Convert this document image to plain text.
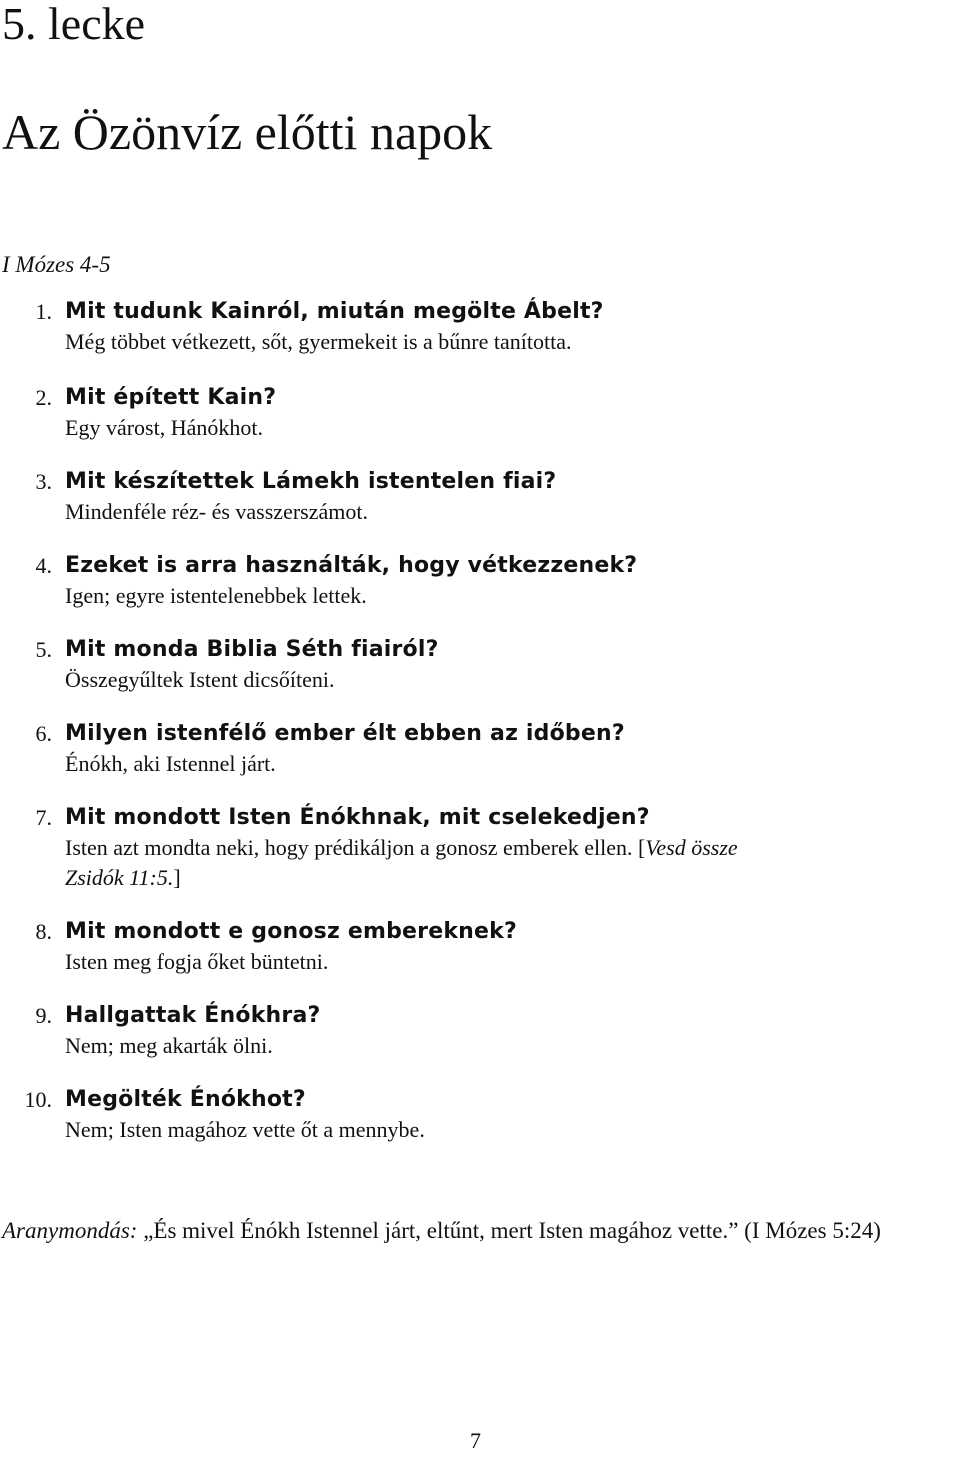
5. lecke
Az Özönvíz előtti napok
I Mózes 4-5
1. Mit tudunk Kainról, miután megölte Ábelt?
Még többet vétkezett, sőt, gyermekeit is a bűnre tanította.
2. Mit épített Kain?
Egy várost, Hánókhot.
3. Mit készítettek Lámekh istentelen fiai?
Mindenféle réz- és vasszerszámot.
4. Ezeket is arra használták, hogy vétkezzenek?
Igen; egyre istentelenebbek lettek.
5. Mit monda Biblia Séth fiairól?
Összegyűltek Istent dicsőíteni.
6. Milyen istenfélő ember élt ebben az időben?
Énókh, aki Istennel járt.
7. Mit mondott Isten Énókhnak, mit cselekedjen?
Isten azt mondta neki, hogy prédikáljon a gonosz emberek ellen. [Vesd össze
Zsidók 11:5.]
8. Mit mondott e gonosz embereknek?
Isten meg fogja őket büntetni.
9. Hallgattak Énókhra?
Nem; meg akarták ölni.
10. Megölték Énókhot?
Nem; Isten magához vette őt a mennybe.
Aranymondás: „És mivel Énókh Istennel járt, eltűnt, mert Isten magához vette.” (I Mózes 5:24)
7
